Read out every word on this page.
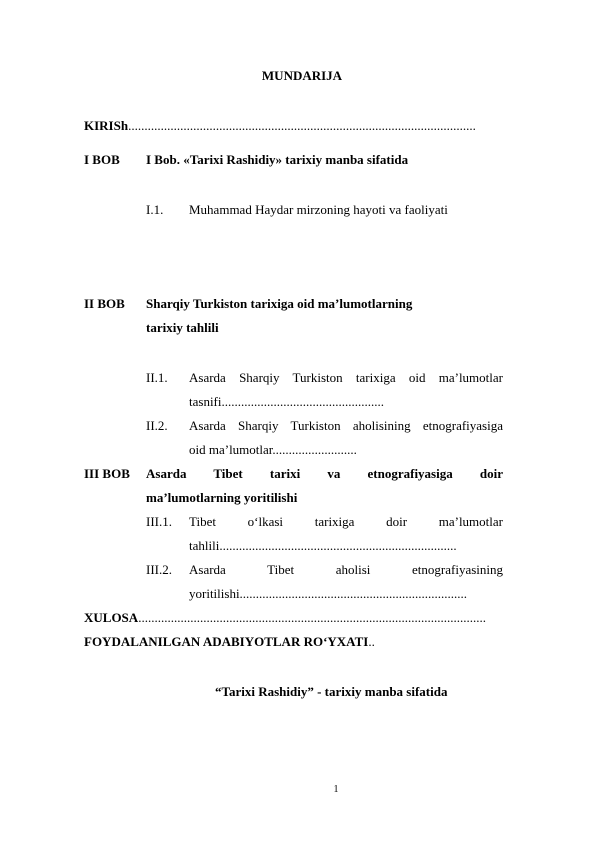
MUNDARIJA
KIRISh...........................................................................................................
I BOB I Bob. «Tarixi Rashidiy» tarixiy manba sifatida
I.1. Muhammad Haydar mirzoning hayoti va faoliyati
II BOB Sharqiy Turkiston tarixiga oid ma’lumotlarning
tarixiy tahlili
II.1. Asarda Sharqiy Turkiston tarixiga oid ma’lumotlar
tasnifi..................................................
II.2. Asarda Sharqiy Turkiston aholisining etnografiyasiga
oid ma’lumotlar..........................
III BOB Asarda Tibet tarixi va etnografiyasiga doir
ma’lumotlarning yoritilishi
III.1. Tibet o‘lkasi tarixiga doir ma’lumotlar
tahlili.........................................................................
III.2. Asarda Tibet aholisi etnografiyasining
yoritilishi......................................................................
XULOSA...........................................................................................................
FOYDALANILGAN ADABIYOTLAR RO‘YXATI..
“Tarixi Rashidiy” - tarixiy manba sifatida
1
